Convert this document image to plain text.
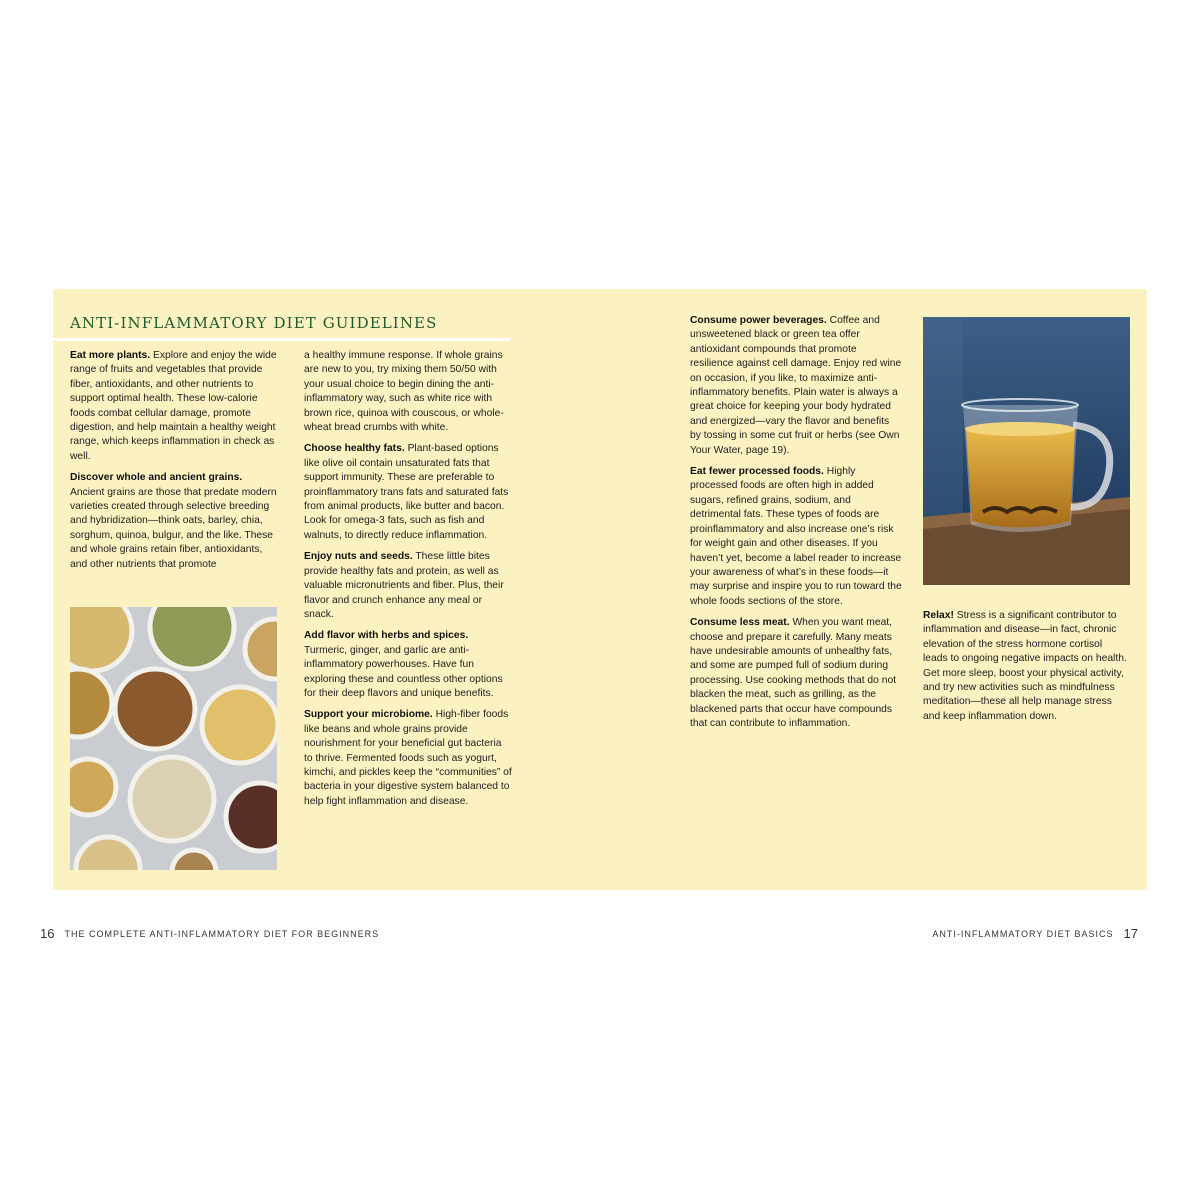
ANTI-INFLAMMATORY DIET GUIDELINES

Eat more plants. Explore and enjoy the wide range of fruits and vegetables that provide fiber, antioxidants, and other nutrients to support optimal health. These low-calorie foods combat cellular damage, promote digestion, and help maintain a healthy weight range, which keeps inflammation in check as well.

Discover whole and ancient grains. Ancient grains are those that predate modern varieties created through selective breeding and hybridization—think oats, barley, chia, sorghum, quinoa, bulgur, and the like. These and whole grains retain fiber, antioxidants, and other nutrients that promote

a healthy immune response. If whole grains are new to you, try mixing them 50/50 with your usual choice to begin dining the anti-inflammatory way, such as white rice with brown rice, quinoa with couscous, or whole-wheat bread crumbs with white.

Choose healthy fats. Plant-based options like olive oil contain unsaturated fats that support immunity. These are preferable to proinflammatory trans fats and saturated fats from animal products, like butter and bacon. Look for omega-3 fats, such as fish and walnuts, to directly reduce inflammation.

Enjoy nuts and seeds. These little bites provide healthy fats and protein, as well as valuable micronutrients and fiber. Plus, their flavor and crunch enhance any meal or snack.

Add flavor with herbs and spices. Turmeric, ginger, and garlic are anti-inflammatory powerhouses. Have fun exploring these and countless other options for their deep flavors and unique benefits.

Support your microbiome. High-fiber foods like beans and whole grains provide nourishment for your beneficial gut bacteria to thrive. Fermented foods such as yogurt, kimchi, and pickles keep the “communities” of bacteria in your digestive system balanced to help fight inflammation and disease.

Consume power beverages. Coffee and unsweetened black or green tea offer antioxidant compounds that promote resilience against cell damage. Enjoy red wine on occasion, if you like, to maximize anti-inflammatory benefits. Plain water is always a great choice for keeping your body hydrated and energized—vary the flavor and benefits by tossing in some cut fruit or herbs (see Own Your Water, page 19).

Eat fewer processed foods. Highly processed foods are often high in added sugars, refined grains, sodium, and detrimental fats. These types of foods are proinflammatory and also increase one’s risk for weight gain and other diseases. If you haven’t yet, become a label reader to increase your awareness of what’s in these foods—it may surprise and inspire you to run toward the whole foods sections of the store.

Consume less meat. When you want meat, choose and prepare it carefully. Many meats have undesirable amounts of unhealthy fats, and some are pumped full of sodium during processing. Use cooking methods that do not blacken the meat, such as grilling, as the blackened parts that occur have compounds that can contribute to inflammation.

Relax! Stress is a significant contributor to inflammation and disease—in fact, chronic elevation of the stress hormone cortisol leads to ongoing negative impacts on health. Get more sleep, boost your physical activity, and try new activities such as mindfulness meditation—these all help manage stress and keep inflammation down.

16 THE COMPLETE ANTI-INFLAMMATORY DIET FOR BEGINNERS	ANTI-INFLAMMATORY DIET BASICS 17
